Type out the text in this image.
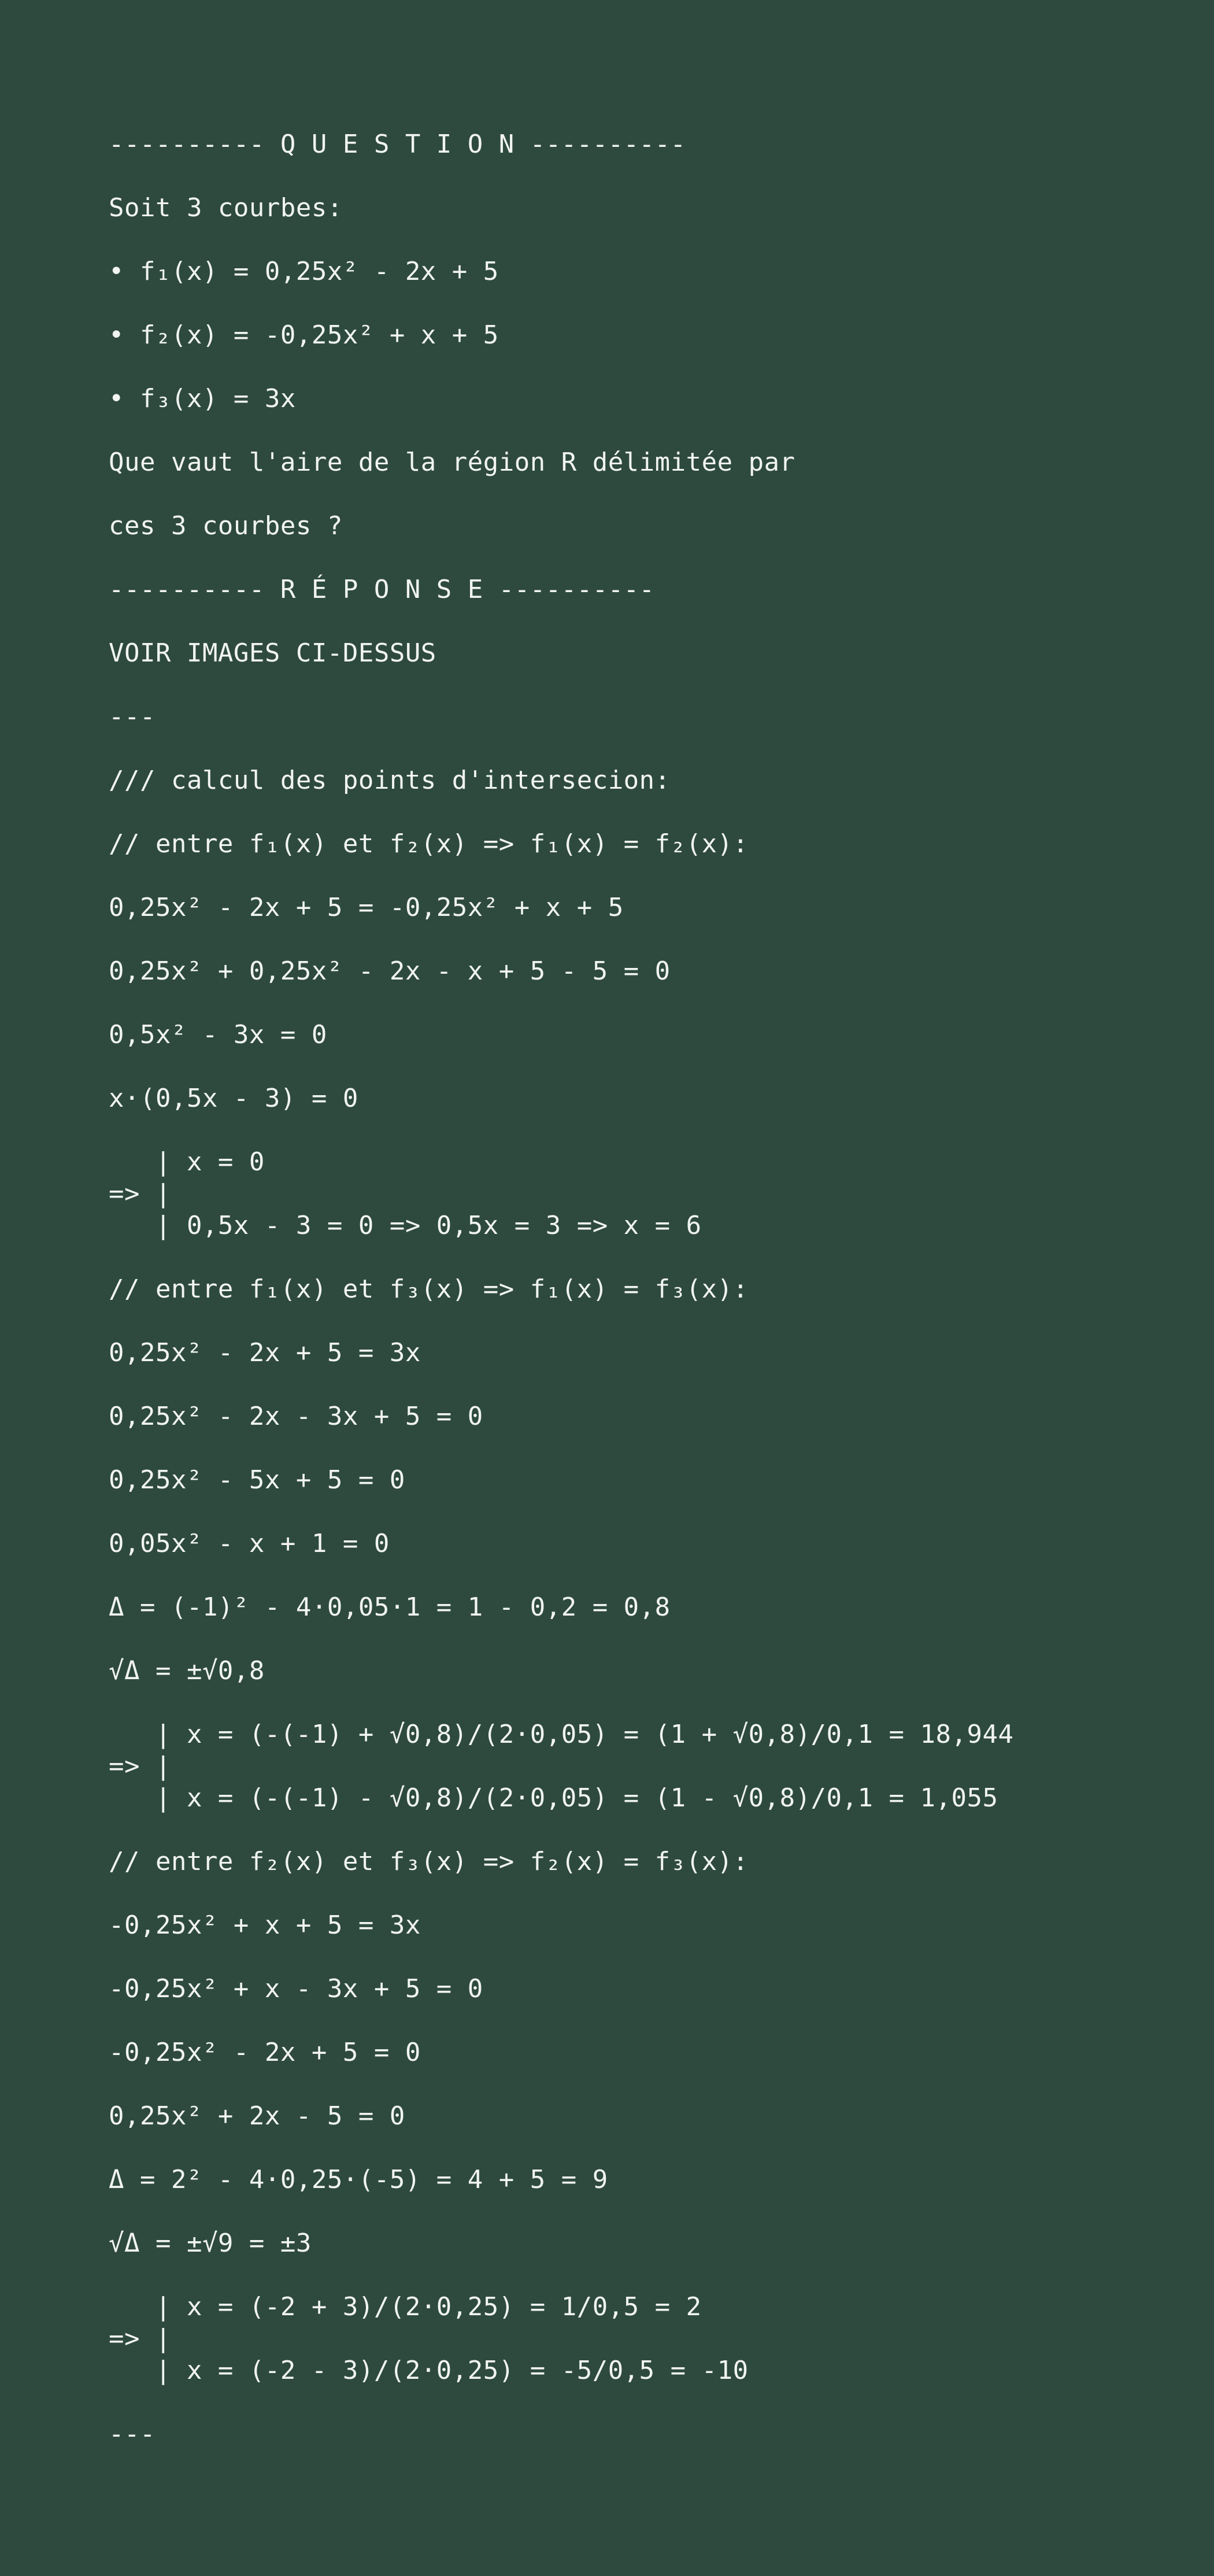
---------- Q U E S T I O N ----------
Soit 3 courbes:
• f₁(x) = 0,25x² - 2x + 5
• f₂(x) = -0,25x² + x + 5
• f₃(x) = 3x
Que vaut l'aire de la région R délimitée par
ces 3 courbes ?
---------- R É P O N S E ----------
VOIR IMAGES CI-DESSUS
---
/// calcul des points d'intersecion:
// entre f₁(x) et f₂(x) => f₁(x) = f₂(x):
0,25x² - 2x + 5 = -0,25x² + x + 5
0,25x² + 0,25x² - 2x - x + 5 - 5 = 0
0,5x² - 3x = 0
x·(0,5x - 3) = 0
| x = 0
=> |
| 0,5x - 3 = 0 => 0,5x = 3 => x = 6
// entre f₁(x) et f₃(x) => f₁(x) = f₃(x):
0,25x² - 2x + 5 = 3x
0,25x² - 2x - 3x + 5 = 0
0,25x² - 5x + 5 = 0
0,05x² - x + 1 = 0
Δ = (-1)² - 4·0,05·1 = 1 - 0,2 = 0,8
√Δ = ±√0,8
| x = (-(-1) + √0,8)/(2·0,05) = (1 + √0,8)/0,1 = 18,944
=> |
| x = (-(-1) - √0,8)/(2·0,05) = (1 - √0,8)/0,1 = 1,055
// entre f₂(x) et f₃(x) => f₂(x) = f₃(x):
-0,25x² + x + 5 = 3x
-0,25x² + x - 3x + 5 = 0
-0,25x² - 2x + 5 = 0
0,25x² + 2x - 5 = 0
Δ = 2² - 4·0,25·(-5) = 4 + 5 = 9
√Δ = ±√9 = ±3
| x = (-2 + 3)/(2·0,25) = 1/0,5 = 2
=> |
| x = (-2 - 3)/(2·0,25) = -5/0,5 = -10
---
